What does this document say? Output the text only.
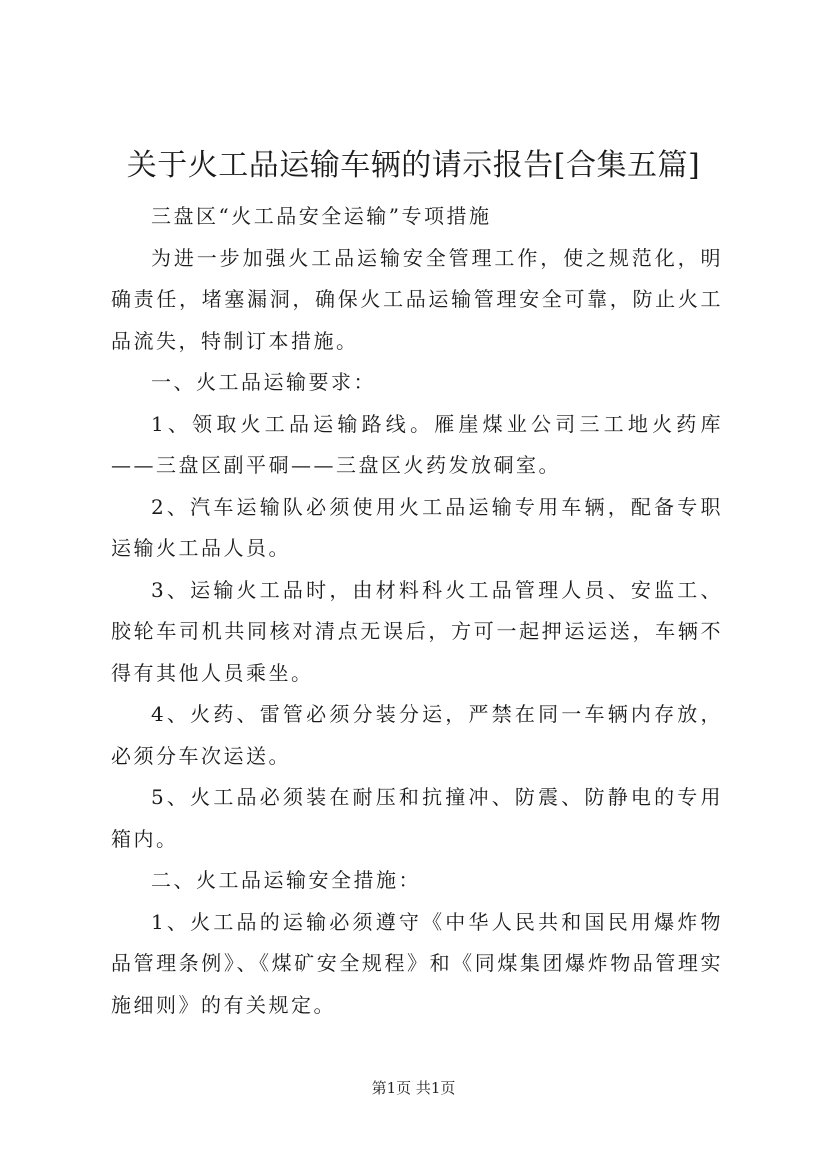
关于火工品运输车辆的请示报告[合集五篇]

三盘区“火工品安全运输”专项措施

为进一步加强火工品运输安全管理工作，使之规范化，明确责任，堵塞漏洞，确保火工品运输管理安全可靠，防止火工品流失，特制订本措施。

一、火工品运输要求：

1、领取火工品运输路线。雁崖煤业公司三工地火药库——三盘区副平硐——三盘区火药发放硐室。

2、汽车运输队必须使用火工品运输专用车辆，配备专职运输火工品人员。

3、运输火工品时，由材料科火工品管理人员、安监工、胶轮车司机共同核对清点无误后，方可一起押运运送，车辆不得有其他人员乘坐。

4、火药、雷管必须分装分运，严禁在同一车辆内存放，必须分车次运送。

5、火工品必须装在耐压和抗撞冲、防震、防静电的专用箱内。

二、火工品运输安全措施：

1、火工品的运输必须遵守《中华人民共和国民用爆炸物品管理条例》、《煤矿安全规程》和《同煤集团爆炸物品管理实施细则》的有关规定。

第1页 共1页
